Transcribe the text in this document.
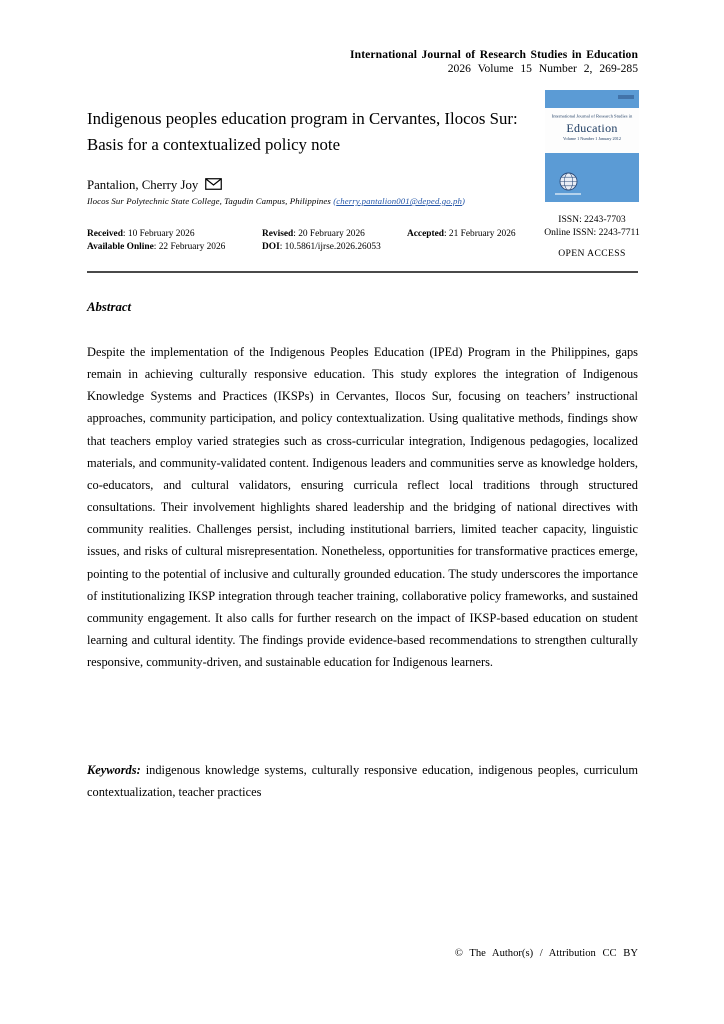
International Journal of Research Studies in Education
2026 Volume 15 Number 2, 269-285
Indigenous peoples education program in Cervantes, Ilocos Sur: Basis for a contextualized policy note
Pantalion, Cherry Joy
Ilocos Sur Polytechnic State College, Tagudin Campus, Philippines (cherry.pantalion001@deped.go.ph)
Received : 10 February 2026	Revised : 20 February 2026	Accepted : 21 February 2026
Available Online : 22 February 2026	DOI : 10.5861/ijrse.2026.26053
International Journal of Research Studies in
Education
Volume 1 Number 1 January 2012
ISSN: 2243-7703
Online ISSN: 2243-7711
OPEN ACCESS
Abstract
Despite the implementation of the Indigenous Peoples Education (IPEd) Program in the Philippines, gaps remain in achieving culturally responsive education. This study explores the integration of Indigenous Knowledge Systems and Practices (IKSPs) in Cervantes, Ilocos Sur, focusing on teachers’ instructional approaches, community participation, and policy contextualization. Using qualitative methods, findings show that teachers employ varied strategies such as cross-curricular integration, Indigenous pedagogies, localized materials, and community-validated content. Indigenous leaders and communities serve as knowledge holders, co-educators, and cultural validators, ensuring curricula reflect local traditions through structured consultations. Their involvement highlights shared leadership and the bridging of national directives with community realities. Challenges persist, including institutional barriers, limited teacher capacity, linguistic issues, and risks of cultural misrepresentation. Nonetheless, opportunities for transformative practices emerge, pointing to the potential of inclusive and culturally grounded education. The study underscores the importance of institutionalizing IKSP integration through teacher training, collaborative policy frameworks, and sustained community engagement. It also calls for further research on the impact of IKSP-based education on student learning and cultural identity. The findings provide evidence-based recommendations to strengthen culturally responsive, community-driven, and sustainable education for Indigenous learners.
Keywords: indigenous knowledge systems, culturally responsive education, indigenous peoples, curriculum contextualization, teacher practices
© The Author(s) / Attribution CC BY
